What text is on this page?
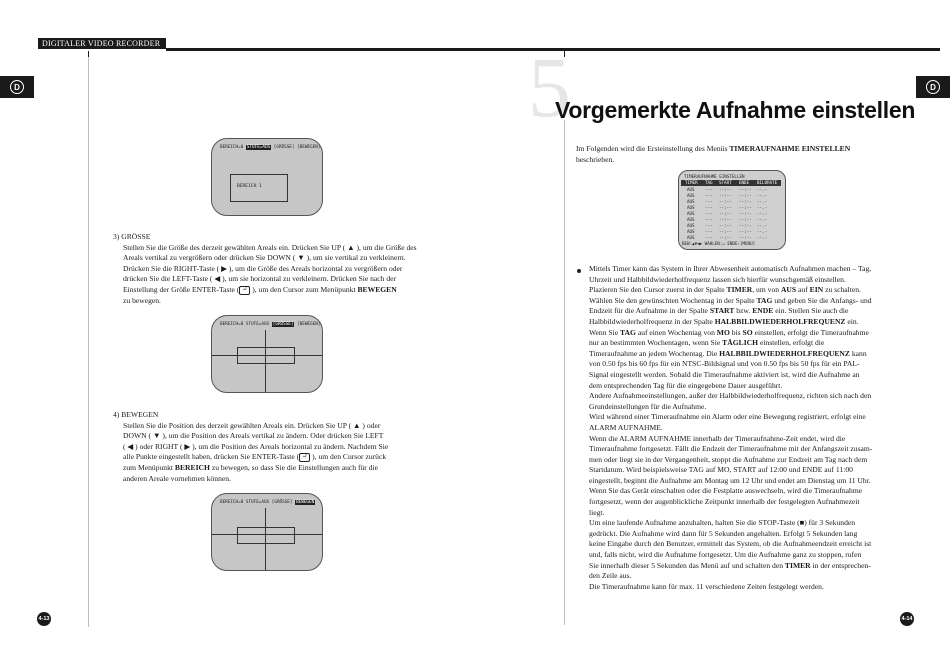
DIGITALER VIDEO RECORDER
D	D
5
Vorgemerkte Aufnahme einstellen
BEREICH=0 STUFE=AUS [GRÖSSE] [BEWEGEN]
BEREICH 1
3) GRÖSSE
Stellen Sie die Größe des derzeit gewählten Areals ein. Drücken Sie UP ( ▲ ), um die Größe des
Areals vertikal zu vergrößern oder drücken Sie DOWN ( ▼ ), um sie vertikal zu verkleinern.
Drücken Sie die RIGHT-Taste ( ▶ ), um die Größe des Areals horizontal zu vergrößern oder
drücken Sie die LEFT-Taste ( ◀ ), um sie horizontal zu verkleinern. Drücken Sie nach der
Einstellung der Größe ENTER-Taste ( ↵ ), um den Cursor zum Menüpunkt BEWEGEN
zu bewegen.
BEREICH=0 STUFE=AUS [GRÖSSE] [BEWEGEN]
4) BEWEGEN
Stellen Sie die Position des derzeit gewählten Areals ein. Drücken Sie UP ( ▲ ) oder
DOWN ( ▼ ), um die Position des Areals vertikal zu ändern. Oder drücken Sie LEFT
( ◀ ) oder RIGHT ( ▶ ), um die Position des Areals horizontal zu ändern. Nachdem Sie
alle Punkte eingestellt haben, drücken Sie ENTER-Taste ( ↵ ), um den Cursor zurück
zum Menüpunkt BEREICH zu bewegen, so dass Sie die Einstellungen auch für die
anderen Areale vornehmen können.
BEREICH=0 STUFE=AUS [GRÖSSE] BEWEGEN
4-13
Im Folgenden wird die Ersteinstellung des Menüs TIMERAUFNAHME EINSTELLEN
beschrieben.
TIMERAUFNAHME EINSTELLEN
TIMER TAG START ENDE BILDRATE
BEW:▲▼◀▶ WAHLEN:↵ ENDE:[MENU]
AUS --- --:-- --:-- --.-
AUS --- --:-- --:-- --.-
AUS --- --:-- --:-- --.-
AUS --- --:-- --:-- --.-
AUS --- --:-- --:-- --.-
AUS --- --:-- --:-- --.-
AUS --- --:-- --:-- --.-
AUS --- --:-- --:-- --.-
AUS --- --:-- --:-- --.-
Mittels Timer kann das System in Ihrer Abwesenheit automatisch Aufnahmen machen – Tag,
Uhrzeit und Halbbildwiederholfrequenz lassen sich hierfür wunschgemäß einstellen.
Plazieren Sie den Cursor zuerst in der Spalte TIMER, um von AUS auf EIN zu schalten.
Wählen Sie den gewünschten Wochentag in der Spalte TAG und geben Sie die Anfangs- und
Endzeit für die Aufnahme in der Spalte START bzw. ENDE ein. Stellen Sie auch die
Halbbildwiederholfrequenz in der Spalte HALBBILDWIEDERHOLFREQUENZ ein.
Wenn Sie TAG auf einen Wochentag von MO bis SO einstellen, erfolgt die Timeraufnahme
nur an bestimmten Wochentagen, wenn Sie TÄGLICH einstellen, erfolgt die
Timeraufnahme an jedem Wochentag. Die HALBBILDWIEDERHOLFREQUENZ kann
von 0.50 fps bis 60 fps für ein NTSC-Bildsignal und von 0.50 fps bis 50 fps für ein PAL-
Signal eingestellt werden. Sobald die Timeraufnahme aktiviert ist, wird die Aufnahme an
dem entsprechenden Tag für die eingegebene Dauer ausgeführt.
Andere Aufnahmeeinstellungen, außer der Halbbildwiederholfrequenz, richten sich nach den
Grundeinstellungen für die Aufnahme.
Wird während einer Timeraufnahme ein Alarm oder eine Bewegung registriert, erfolgt eine
ALARM AUFNAHME.
Wenn die ALARM AUFNAHME innerhalb der Timeraufnahme-Zeit endet, wird die
Timeraufnahme fortgesetzt. Fällt die Endzeit der Timeraufnahme mit der Anfangszeit zusam-
men oder liegt sie in der Vergangenheit, stoppt die Aufnahme zur Endzeit am Tag nach dem
Startdatum. Wird beispielsweise TAG auf MO, START auf 12:00 und ENDE auf 11:00
eingestellt, beginnt die Aufnahme am Montag um 12 Uhr und endet am Dienstag um 11 Uhr.
Wenn Sie das Gerät einschalten oder die Festplatte auswechseln, wird die Timeraufnahme
fortgesetzt, wenn der augenblickliche Zeitpunkt innerhalb der festgelegten Aufnahmezeit
liegt.
Um eine laufende Aufnahme anzuhalten, halten Sie die STOP-Taste (■) für 3 Sekunden
gedrückt. Die Aufnahme wird dann für 5 Sekunden angehalten. Erfolgt 5 Sekunden lang
keine Eingabe durch den Benutzer, ermittelt das System, ob die Aufnahmeendzeit erreicht ist
und, falls nicht, wird die Aufnahme fortgesetzt. Um die Aufnahme ganz zu stoppen, rufen
Sie innerhalb dieser 5 Sekunden das Menü auf und schalten den TIMER in der entsprechen-
den Zeile aus.
Die Timeraufnahme kann für max. 11 verschiedene Zeiten festgelegt werden.
4-14
